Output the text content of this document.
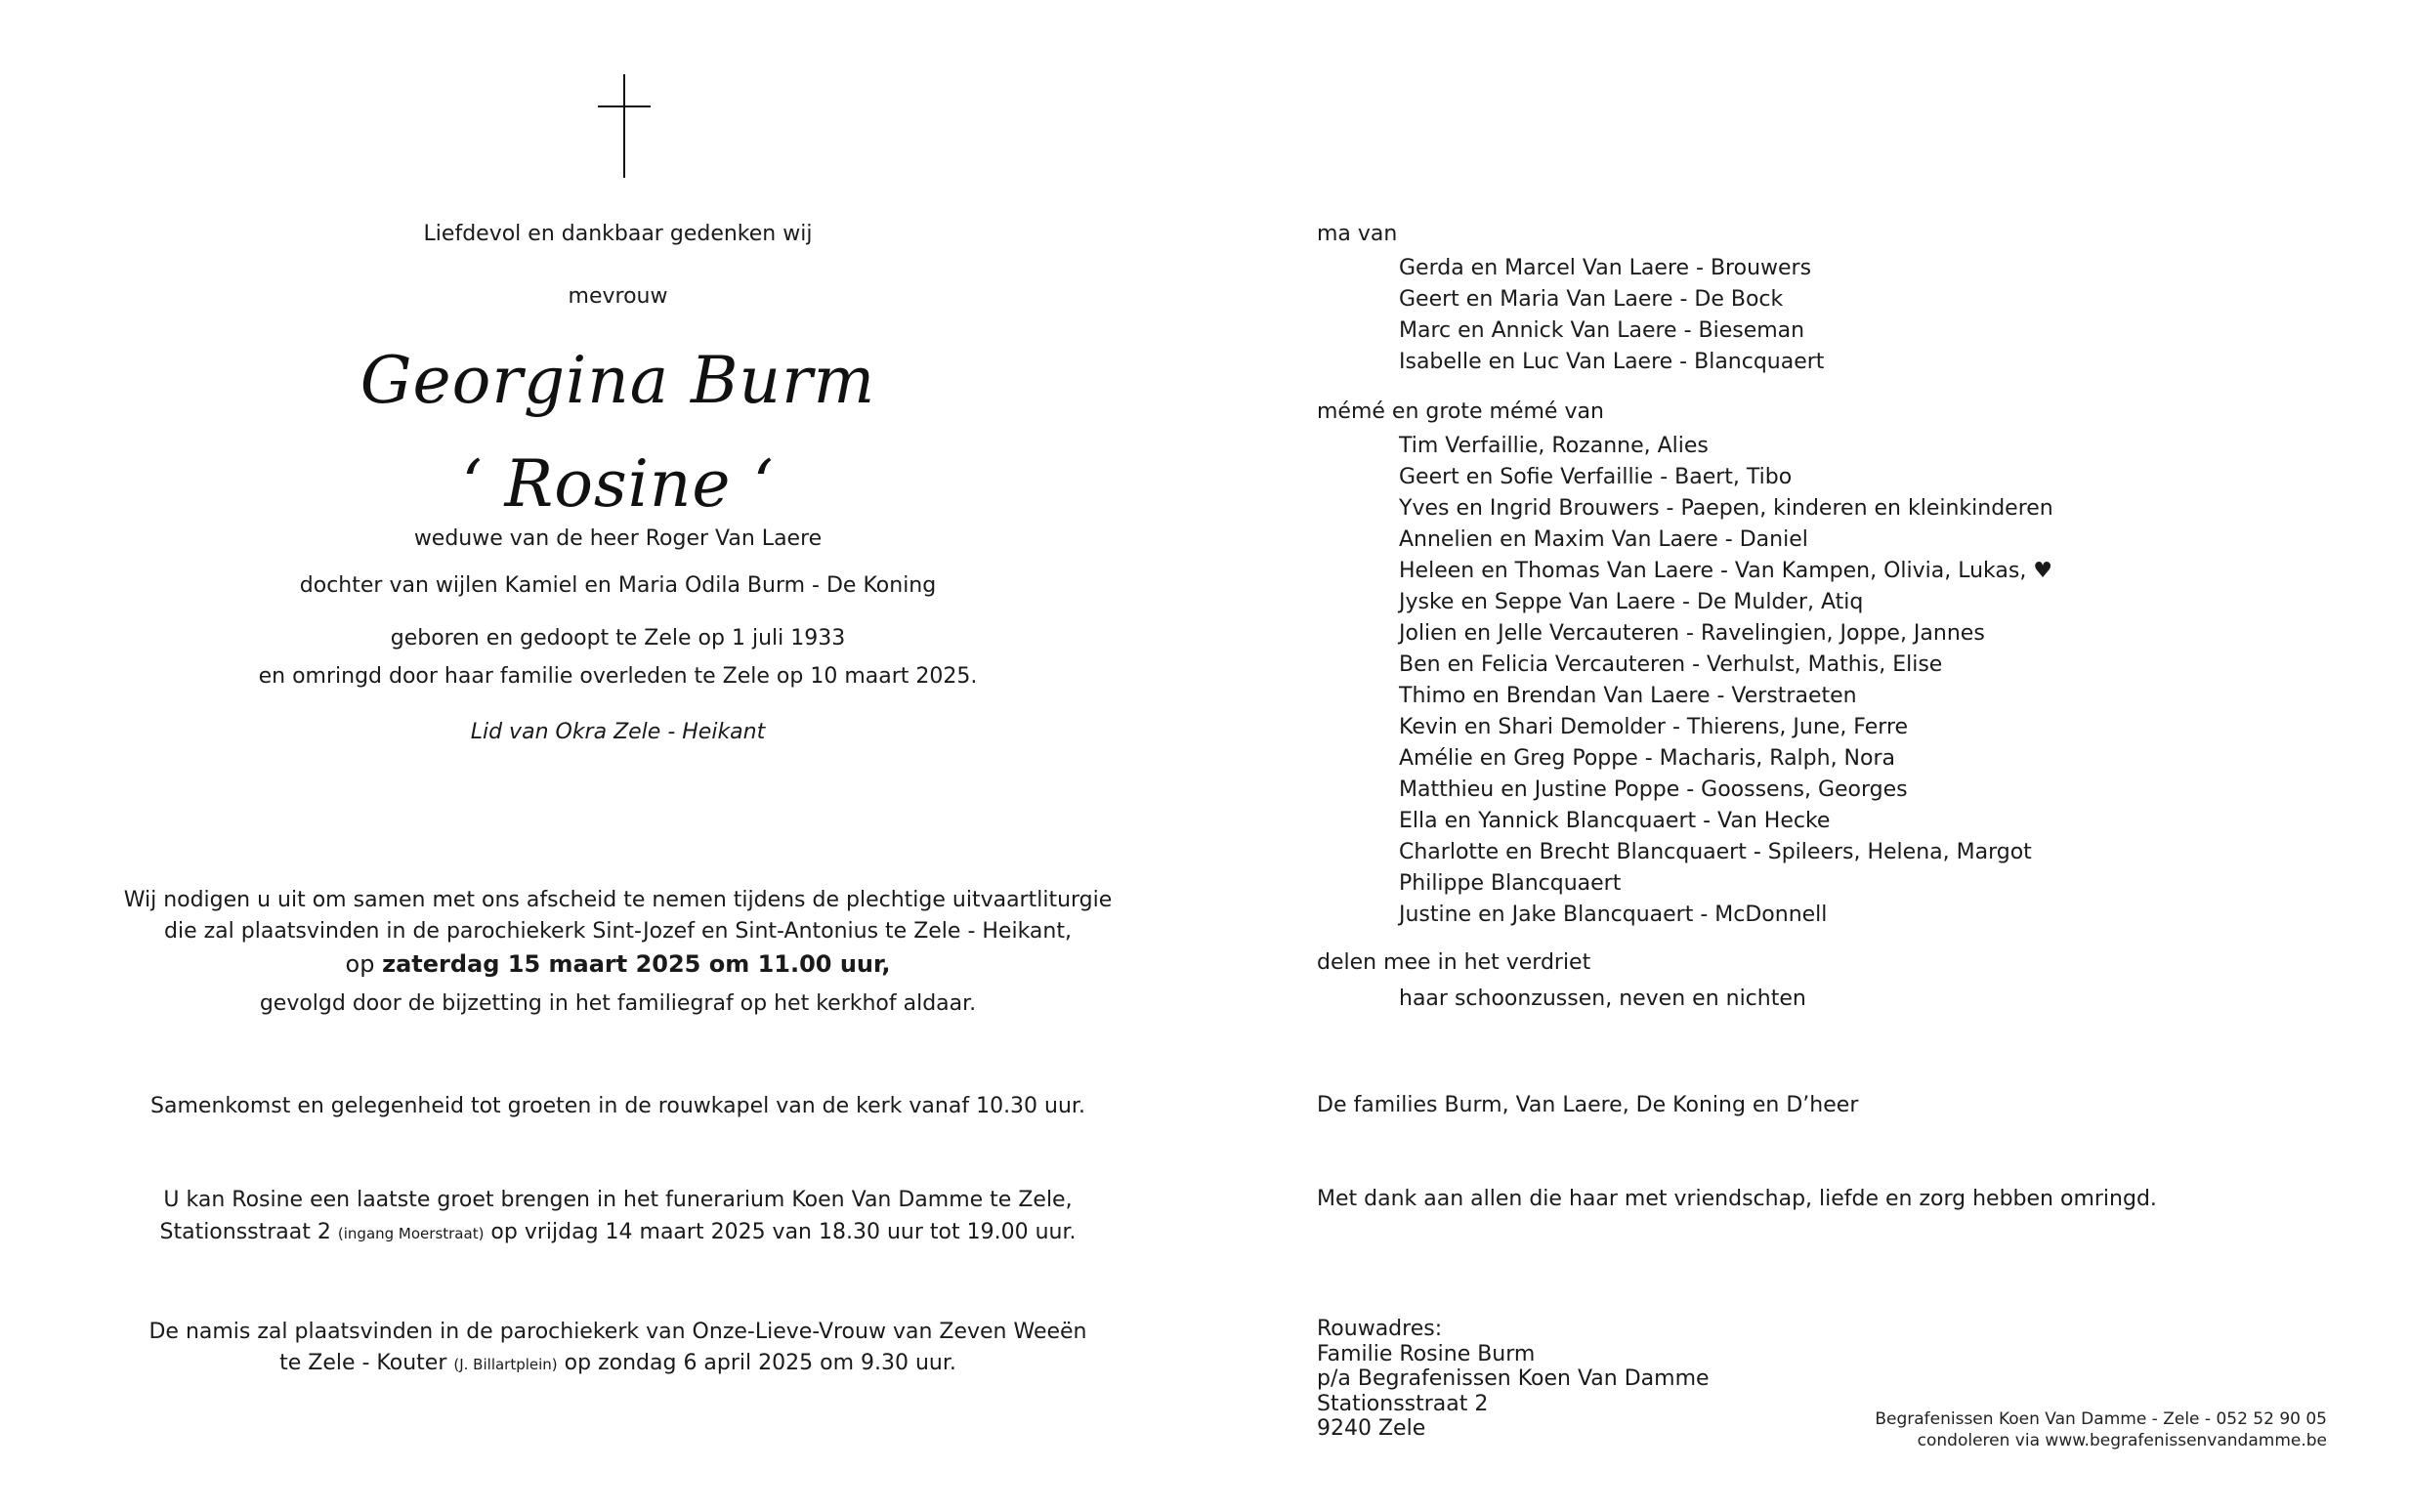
Liefdevol en dankbaar gedenken wij
mevrouw
Georgina Burm
‘ Rosine ‘
weduwe van de heer Roger Van Laere
dochter van wijlen Kamiel en Maria Odila Burm - De Koning
geboren en gedoopt te Zele op 1 juli 1933
en omringd door haar familie overleden te Zele op 10 maart 2025.
Lid van Okra Zele - Heikant
Wij nodigen u uit om samen met ons afscheid te nemen tijdens de plechtige uitvaartliturgie
die zal plaatsvinden in de parochiekerk Sint-Jozef en Sint-Antonius te Zele - Heikant,
op zaterdag 15 maart 2025 om 11.00 uur,
gevolgd door de bijzetting in het familiegraf op het kerkhof aldaar.
Samenkomst en gelegenheid tot groeten in de rouwkapel van de kerk vanaf 10.30 uur.
U kan Rosine een laatste groet brengen in het funerarium Koen Van Damme te Zele,
Stationsstraat 2 (ingang Moerstraat) op vrijdag 14 maart 2025 van 18.30 uur tot 19.00 uur.
De namis zal plaatsvinden in de parochiekerk van Onze-Lieve-Vrouw van Zeven Weeën
te Zele - Kouter (J. Billartplein) op zondag 6 april 2025 om 9.30 uur.
ma van
Gerda en Marcel Van Laere - Brouwers
Geert en Maria Van Laere - De Bock
Marc en Annick Van Laere - Bieseman
Isabelle en Luc Van Laere - Blancquaert
mémé en grote mémé van
Tim Verfaillie, Rozanne, Alies
Geert en Sofie Verfaillie - Baert, Tibo
Yves en Ingrid Brouwers - Paepen, kinderen en kleinkinderen
Annelien en Maxim Van Laere - Daniel
Heleen en Thomas Van Laere - Van Kampen, Olivia, Lukas, ♥
Jyske en Seppe Van Laere - De Mulder, Atiq
Jolien en Jelle Vercauteren - Ravelingien, Joppe, Jannes
Ben en Felicia Vercauteren - Verhulst, Mathis, Elise
Thimo en Brendan Van Laere - Verstraeten
Kevin en Shari Demolder - Thierens, June, Ferre
Amélie en Greg Poppe - Macharis, Ralph, Nora
Matthieu en Justine Poppe - Goossens, Georges
Ella en Yannick Blancquaert - Van Hecke
Charlotte en Brecht Blancquaert - Spileers, Helena, Margot
Philippe Blancquaert
Justine en Jake Blancquaert - McDonnell
delen mee in het verdriet
haar schoonzussen, neven en nichten
De families Burm, Van Laere, De Koning en D’heer
Met dank aan allen die haar met vriendschap, liefde en zorg hebben omringd.
Rouwadres:
Familie Rosine Burm
p/a Begrafenissen Koen Van Damme
Stationsstraat 2
9240 Zele	Begrafenissen Koen Van Damme - Zele - 052 52 90 05
condoleren via www.begrafenissenvandamme.be
